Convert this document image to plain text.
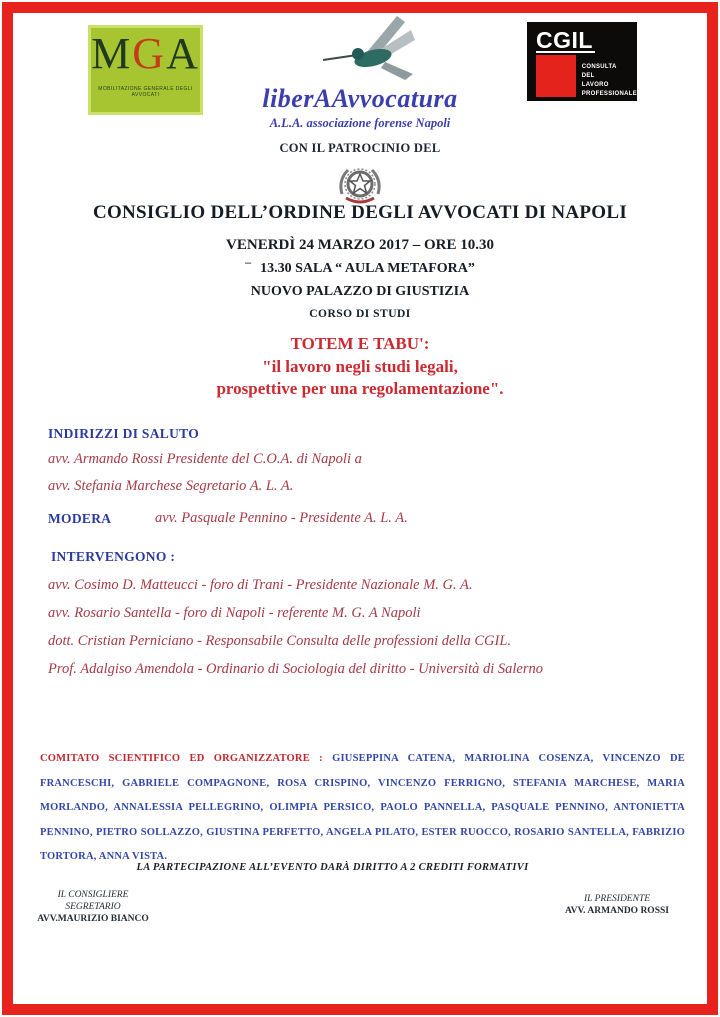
MGA
MOBILITAZIONE GENERALE DEGLI AVVOCATI	liberAAvvocatura
A.L.A. associazione forense Napoli
CGIL
CONSULTA
DEL
LAVORO
PROFESSIONALE
CON IL PATROCINIO DEL
CONSIGLIO DELL’ORDINE DEGLI AVVOCATI DI NAPOLI
VENERDÌ 24 MARZO 2017 – ORE 10.30
– 13.30 SALA “ AULA METAFORA”
NUOVO PALAZZO DI GIUSTIZIA
CORSO DI STUDI
TOTEM E TABU':
"il lavoro negli studi legali,
prospettive per una regolamentazione".
INDIRIZZI DI SALUTO
avv. Armando Rossi Presidente del C.O.A. di Napoli a
avv. Stefania Marchese Segretario A. L. A.
MODERA	avv. Pasquale Pennino - Presidente A. L. A.
INTERVENGONO :
avv. Cosimo D. Matteucci - foro di Trani - Presidente Nazionale M. G. A.
avv. Rosario Santella - foro di Napoli - referente M. G. A Napoli
dott. Cristian Perniciano - Responsabile Consulta delle professioni della CGIL.
Prof. Adalgiso Amendola - Ordinario di Sociologia del diritto - Università di Salerno
COMITATO SCIENTIFICO ED ORGANIZZATORE : GIUSEPPINA CATENA, MARIOLINA COSENZA, VINCENZO DE FRANCESCHI, GABRIELE COMPAGNONE, ROSA CRISPINO, VINCENZO FERRIGNO, STEFANIA MARCHESE, MARIA MORLANDO, ANNALESSIA PELLEGRINO, OLIMPIA PERSICO, PAOLO PANNELLA, PASQUALE PENNINO, ANTONIETTA PENNINO, PIETRO SOLLAZZO, GIUSTINA PERFETTO, ANGELA PILATO, ESTER RUOCCO, ROSARIO SANTELLA, FABRIZIO TORTORA, ANNA VISTA.
LA PARTECIPAZIONE ALL’EVENTO DARÀ DIRITTO A 2 CREDITI FORMATIVI
IL CONSIGLIERE
SEGRETARIO
AVV.MAURIZIO BIANCO
IL PRESIDENTE
AVV. ARMANDO ROSSI
